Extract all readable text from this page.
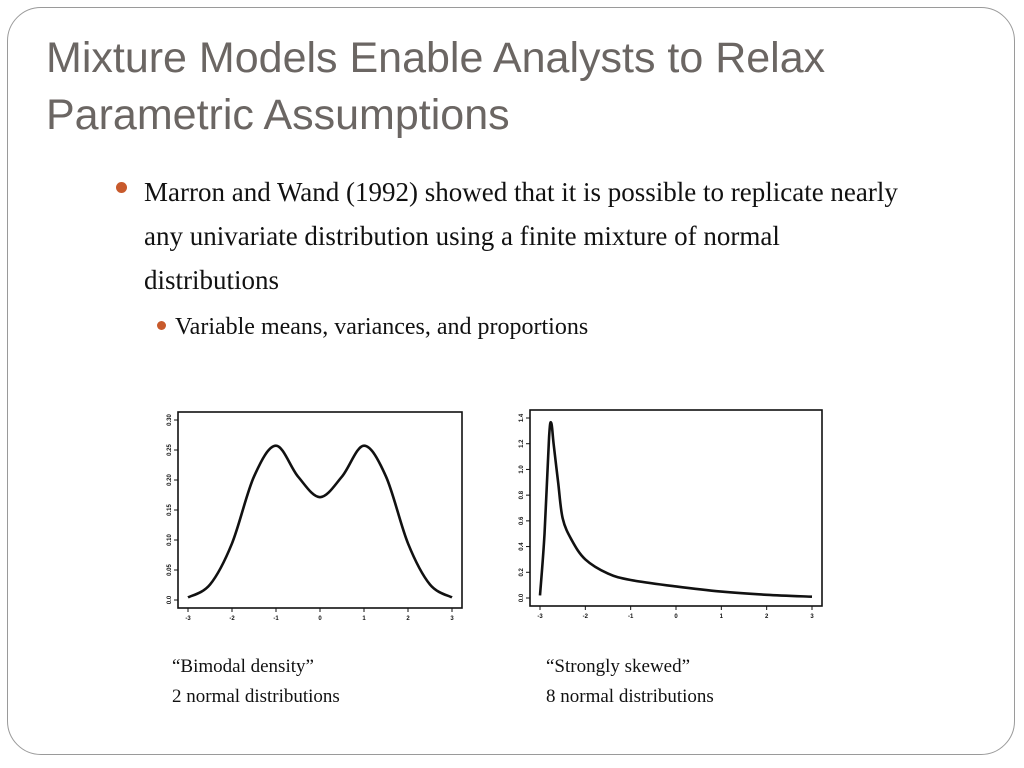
Mixture Models Enable Analysts to Relax Parametric Assumptions
Marron and Wand (1992) showed that it is possible to replicate nearly any univariate distribution using a finite mixture of normal distributions
Variable means, variances, and proportions
-3	-2	-1	0	1	2	3
0.0
0.05
0.10
0.15
0.20
0.25
0.30
-3	-2	-1	0	1	2	3
0.0
0.2
0.4
0.6
0.8
1.0
1.2
1.4
“Bimodal density”
2 normal distributions
“Strongly skewed”
8 normal distributions
